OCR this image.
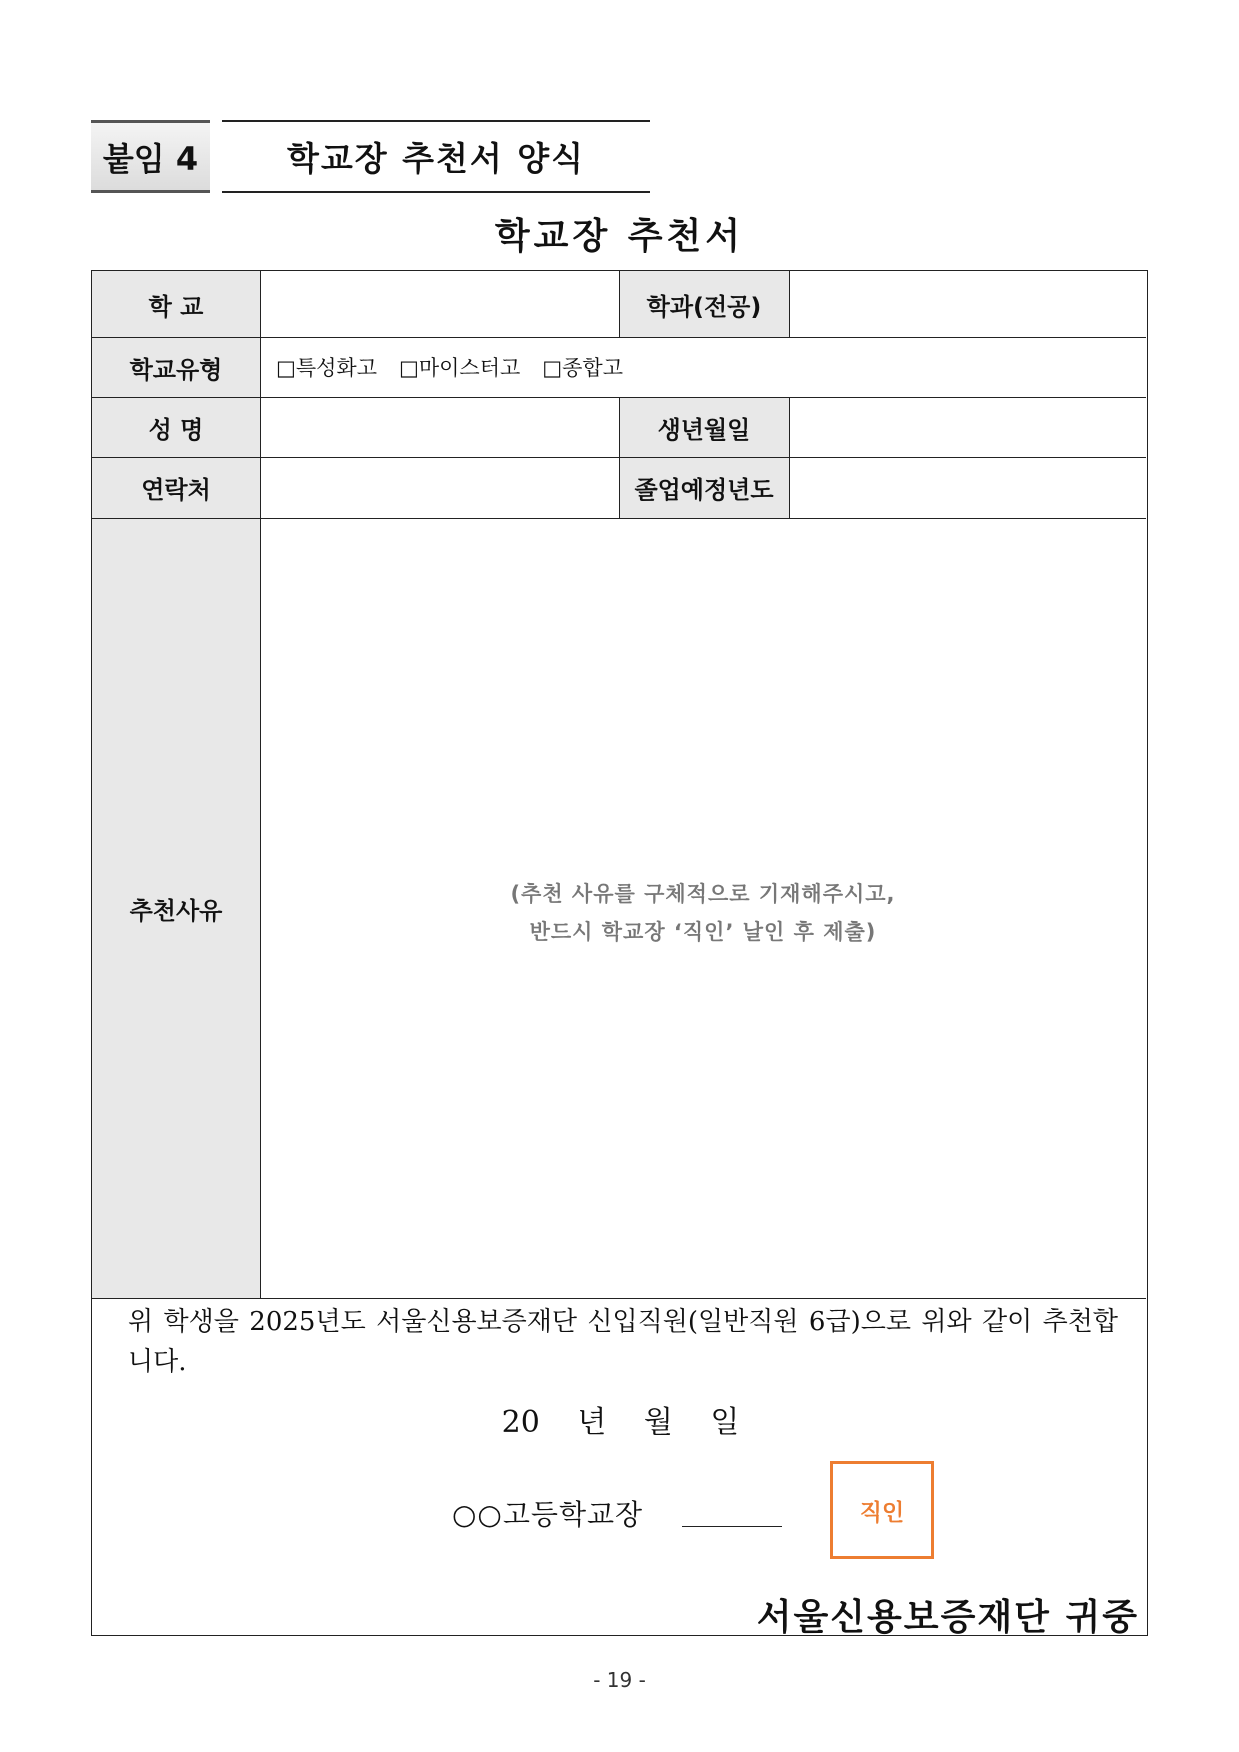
붙임 4	학교장 추천서 양식
학교장 추천서
학 교	학과(전공)
학교유형	□특성화고 □마이스터고 □종합고
성 명	생년월일
연락처	졸업예정년도
추천사유
(추천 사유를 구체적으로 기재해주시고,
반드시 학교장 ‘직인’ 날인 후 제출)
위 학생을 2025년도 서울신용보증재단 신입직원(일반직원 6급)으로 위와 같이 추천합니다.
20 년 월 일
○○고등학교장	직인
서울신용보증재단 귀중
- 19 -
